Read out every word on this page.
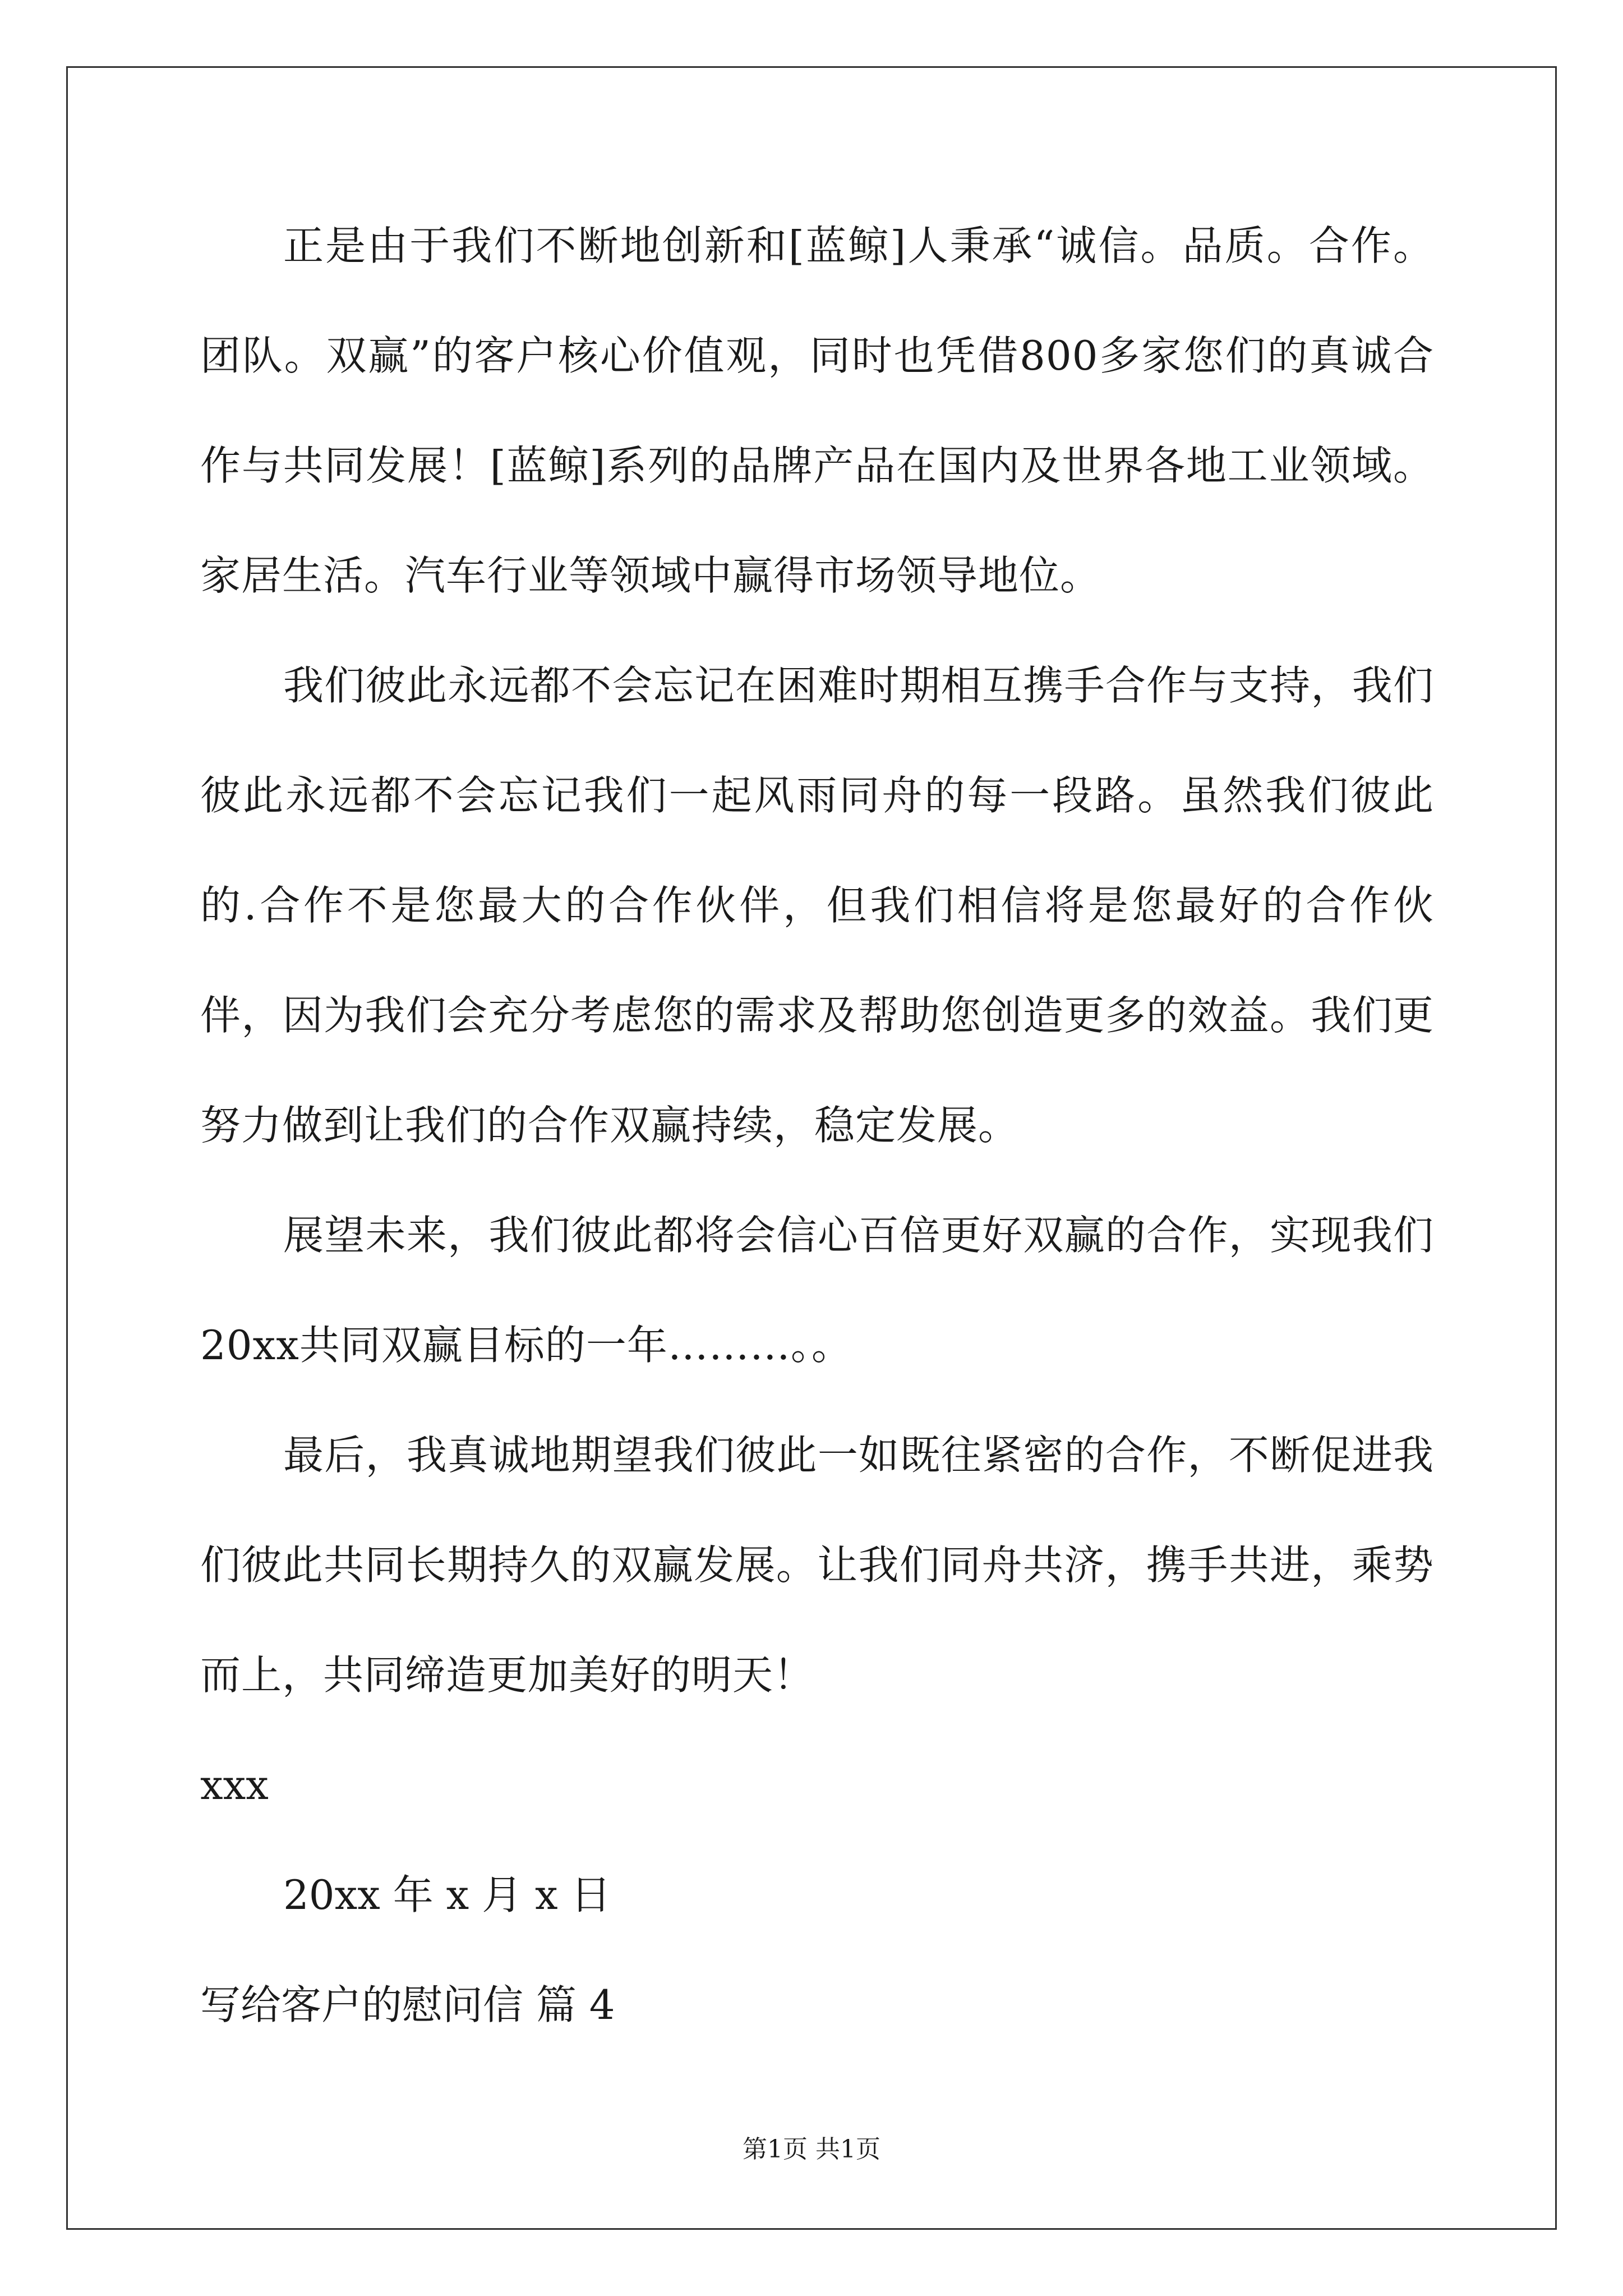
正是由于我们不断地创新和[蓝鲸]人秉承“诚信。品质。合作。团队。双赢”的客户核心价值观，同时也凭借800多家您们的真诚合作与共同发展！[蓝鲸]系列的品牌产品在国内及世界各地工业领域。家居生活。汽车行业等领域中赢得市场领导地位。

我们彼此永远都不会忘记在困难时期相互携手合作与支持，我们彼此永远都不会忘记我们一起风雨同舟的每一段路。虽然我们彼此的.合作不是您最大的合作伙伴，但我们相信将是您最好的合作伙伴，因为我们会充分考虑您的需求及帮助您创造更多的效益。我们更努力做到让我们的合作双赢持续，稳定发展。

展望未来，我们彼此都将会信心百倍更好双赢的合作，实现我们20xx共同双赢目标的一年………。。

最后，我真诚地期望我们彼此一如既往紧密的合作，不断促进我们彼此共同长期持久的双赢发展。让我们同舟共济，携手共进，乘势而上，共同缔造更加美好的明天！

xxx

20xx 年 x 月 x 日

写给客户的慰问信 篇 4

第1页 共1页
